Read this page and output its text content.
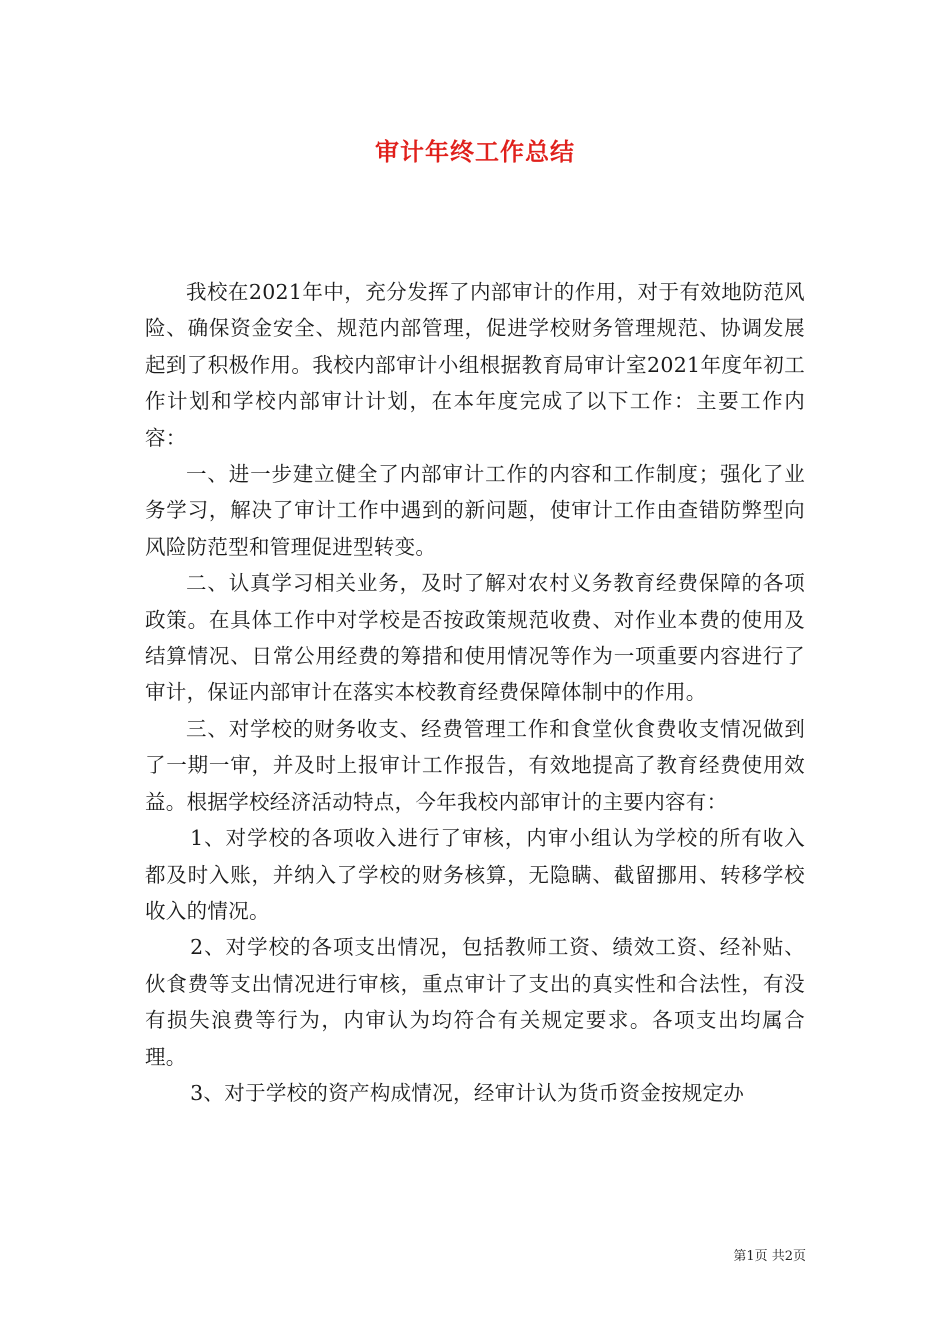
审计年终工作总结

我校在2021年中，充分发挥了内部审计的作用，对于有效地防范风险、确保资金安全、规范内部管理，促进学校财务管理规范、协调发展起到了积极作用。我校内部审计小组根据教育局审计室2021年度年初工作计划和学校内部审计计划，在本年度完成了以下工作：主要工作内容：

一、进一步建立健全了内部审计工作的内容和工作制度；强化了业务学习，解决了审计工作中遇到的新问题，使审计工作由查错防弊型向风险防范型和管理促进型转变。

二、认真学习相关业务，及时了解对农村义务教育经费保障的各项政策。在具体工作中对学校是否按政策规范收费、对作业本费的使用及结算情况、日常公用经费的筹措和使用情况等作为一项重要内容进行了审计，保证内部审计在落实本校教育经费保障体制中的作用。

三、对学校的财务收支、经费管理工作和食堂伙食费收支情况做到了一期一审，并及时上报审计工作报告，有效地提高了教育经费使用效益。根据学校经济活动特点，今年我校内部审计的主要内容有：

1、对学校的各项收入进行了审核，内审小组认为学校的所有收入都及时入账，并纳入了学校的财务核算，无隐瞒、截留挪用、转移学校收入的情况。

2、对学校的各项支出情况，包括教师工资、绩效工资、经补贴、伙食费等支出情况进行审核，重点审计了支出的真实性和合法性，有没有损失浪费等行为，内审认为均符合有关规定要求。各项支出均属合理。

3、对于学校的资产构成情况，经审计认为货币资金按规定办

第1页 共2页
